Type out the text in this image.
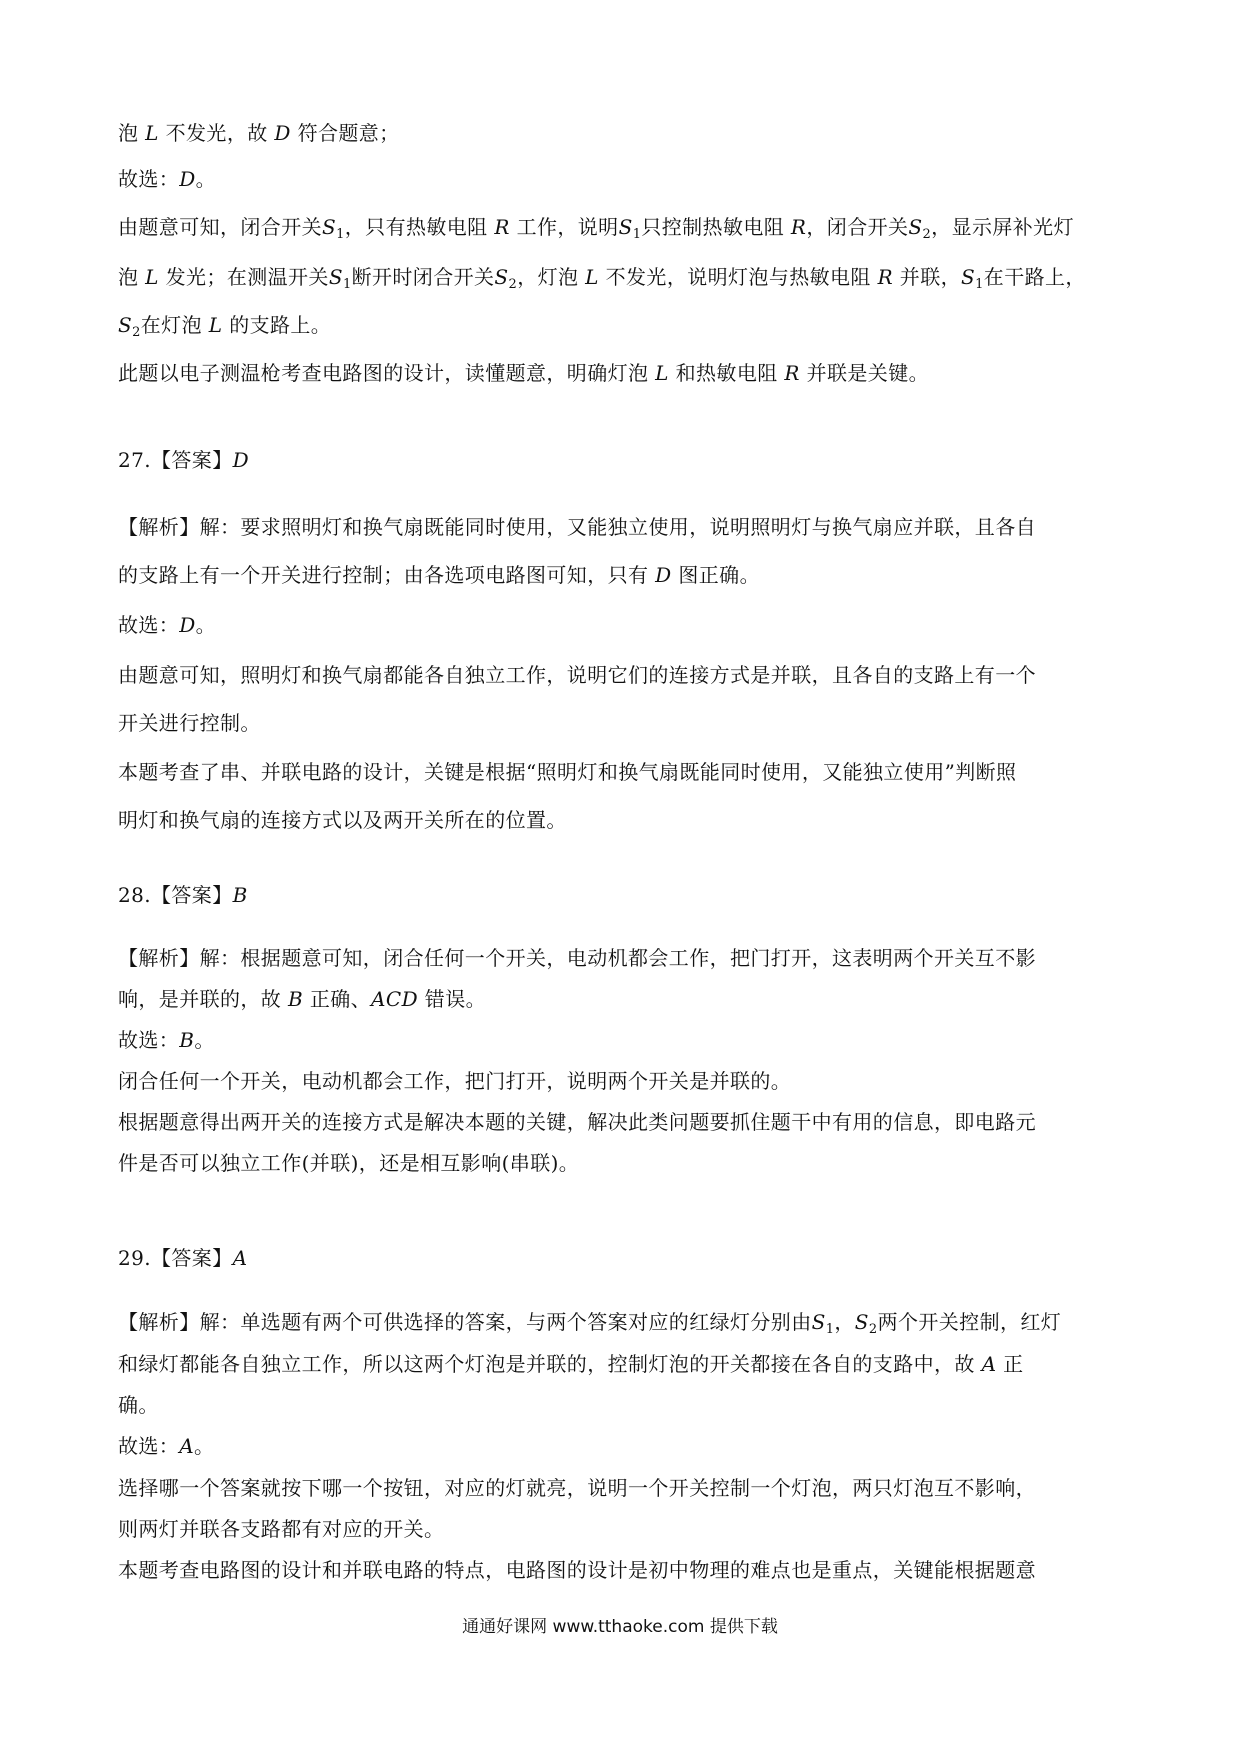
泡 L 不发光，故 D 符合题意；
故选：D。
由题意可知，闭合开关$S_1$，只有热敏电阻 R 工作，说明$S_1$只控制热敏电阻 R，闭合开关$S_2$，显示屏补光灯
泡 L 发光；在测温开关$S_1$断开时闭合开关$S_2$，灯泡 L 不发光，说明灯泡与热敏电阻 R 并联，$S_1$在干路上，
$S_2$在灯泡 L 的支路上。
此题以电子测温枪考查电路图的设计，读懂题意，明确灯泡 L 和热敏电阻 R 并联是关键。
27.【答案】D
【解析】解：要求照明灯和换气扇既能同时使用，又能独立使用，说明照明灯与换气扇应并联，且各自
的支路上有一个开关进行控制；由各选项电路图可知，只有 D 图正确。
故选：D。
由题意可知，照明灯和换气扇都能各自独立工作，说明它们的连接方式是并联，且各自的支路上有一个
开关进行控制。
本题考查了串、并联电路的设计，关键是根据“照明灯和换气扇既能同时使用，又能独立使用”判断照
明灯和换气扇的连接方式以及两开关所在的位置。
28.【答案】B
【解析】解：根据题意可知，闭合任何一个开关，电动机都会工作，把门打开，这表明两个开关互不影
响，是并联的，故 B 正确、ACD 错误。
故选：B。
闭合任何一个开关，电动机都会工作，把门打开，说明两个开关是并联的。
根据题意得出两开关的连接方式是解决本题的关键，解决此类问题要抓住题干中有用的信息，即电路元
件是否可以独立工作(并联)，还是相互影响(串联)。
29.【答案】A
【解析】解：单选题有两个可供选择的答案，与两个答案对应的红绿灯分别由$S_1$，$S_2$两个开关控制，红灯
和绿灯都能各自独立工作，所以这两个灯泡是并联的，控制灯泡的开关都接在各自的支路中，故 A 正
确。
故选：A。
选择哪一个答案就按下哪一个按钮，对应的灯就亮，说明一个开关控制一个灯泡，两只灯泡互不影响，
则两灯并联各支路都有对应的开关。
本题考查电路图的设计和并联电路的特点，电路图的设计是初中物理的难点也是重点，关键能根据题意
通通好课网 www.tthaoke.com 提供下载
